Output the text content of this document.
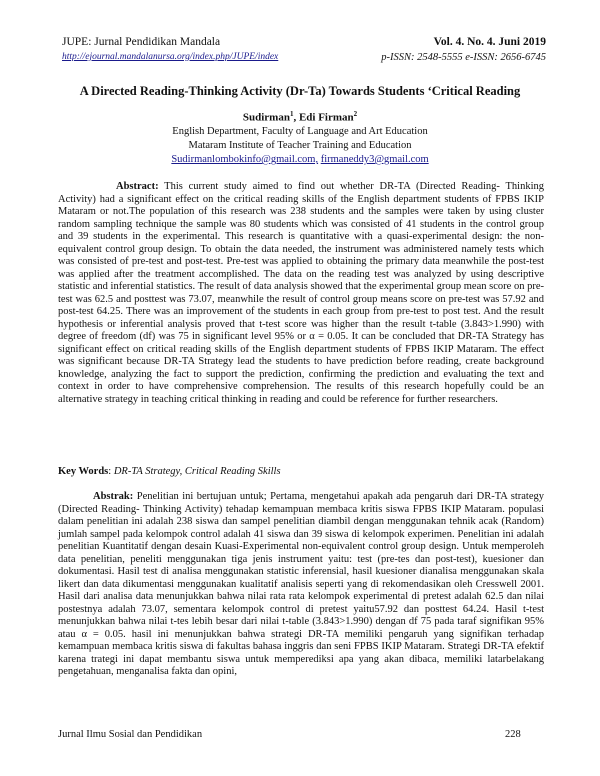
JUPE: Jurnal Pendidikan Mandala
http://ejournal.mandalanursa.org/index.php/JUPE/index
Vol. 4. No. 4. Juni 2019
p-ISSN: 2548-5555 e-ISSN: 2656-6745
A Directed Reading-Thinking Activity (Dr-Ta) Towards Students ‘Critical Reading
Sudirman$^1$, Edi Firman$^2$
English Department, Faculty of Language and Art Education
Mataram Institute of Teacher Training and Education
Sudirmanlombokinfo@gmail.com, firmaneddy3@gmail.com
Abstract: This current study aimed to find out whether DR-TA (Directed Reading- Thinking Activity) had a significant effect on the critical reading skills of the English department students of FPBS IKIP Mataram or not.The population of this research was 238 students and the samples were taken by using cluster random sampling technique the sample was 80 students which was consisted of 41 students in the control group and 39 students in the experimental. This research is quantitative with a quasi-experimental design: the non-equivalent control group design. To obtain the data needed, the instrument was administered namely tests which was consisted of pre-test and post-test. Pre-test was applied to obtaining the primary data meanwhile the post-test was applied after the treatment accomplished. The data on the reading test was analyzed by using descriptive statistic and inferential statistics. The result of data analysis showed that the experimental group mean score on pre-test was 62.5 and posttest was 73.07, meanwhile the result of control group means score on pre-test was 57.92 and post-test 64.25. There was an improvement of the students in each group from pre-test to post test. And the result hypothesis or inferential analysis proved that t-test score was higher than the result t-table (3.843>1.990) with degree of freedom (df) was 75 in significant level 95% or α = 0.05. It can be concluded that DR-TA Strategy has significant effect on critical reading skills of the English department students of FPBS IKIP Mataram. The effect was significant because DR-TA Strategy lead the students to have prediction before reading, create background knowledge, analyzing the fact to support the prediction, confirming the prediction and evaluating the text and context in order to have comprehensive comprehension. The results of this research hopefully could be an alternative strategy in teaching critical thinking in reading and could be reference for further researchers.
Key Words: DR-TA Strategy, Critical Reading Skills
Abstrak: Penelitian ini bertujuan untuk; Pertama, mengetahui apakah ada pengaruh dari DR-TA strategy (Directed Reading- Thinking Activity) tehadap kemampuan membaca kritis siswa FPBS IKIP Mataram. populasi dalam penelitian ini adalah 238 siswa dan sampel penelitian diambil dengan menggunakan tehnik acak (Random) jumlah sampel pada kelompok control adalah 41 siswa dan 39 siswa di kelompok experimen. Penelitian ini adalah penelitian Kuantitatif dengan desain Kuasi-Experimental non-equivalent control group design. Untuk memperoleh data penelitian, peneliti menggunakan tiga jenis instrument yaitu: test (pre-tes dan post-test), kuesioner dan dokumentasi. Hasil test di analisa menggunakan statistic inferensial, hasil kuesioner dianalisa menggunakan skala likert dan data dikumentasi menggunakan kualitatif analisis seperti yang di rekomendasikan oleh Cresswell 2001. Hasil dari analisa data menunjukkan bahwa nilai rata rata kelompok experimental di pretest adalah 62.5 dan nilai postestnya adalah 73.07, sementara kelompok control di pretest yaitu57.92 dan posttest 64.24. Hasil t-test menunjukkan bahwa nilai t-tes lebih besar dari nilai t-table (3.843>1.990) dengan df 75 pada taraf signifikan 95% atau α = 0.05. hasil ini menunjukkan bahwa strategi DR-TA memiliki pengaruh yang signifikan terhadap kemampuan membaca kritis siswa di fakultas bahasa inggris dan seni FPBS IKIP Mataram. Strategi DR-TA efektif karena trategi ini dapat membantu siswa untuk memperediksi apa yang akan dibaca, memiliki latarbelakang pengetahuan, menganalisa fakta dan opini,
Jurnal Ilmu Sosial dan Pendidikan	228
